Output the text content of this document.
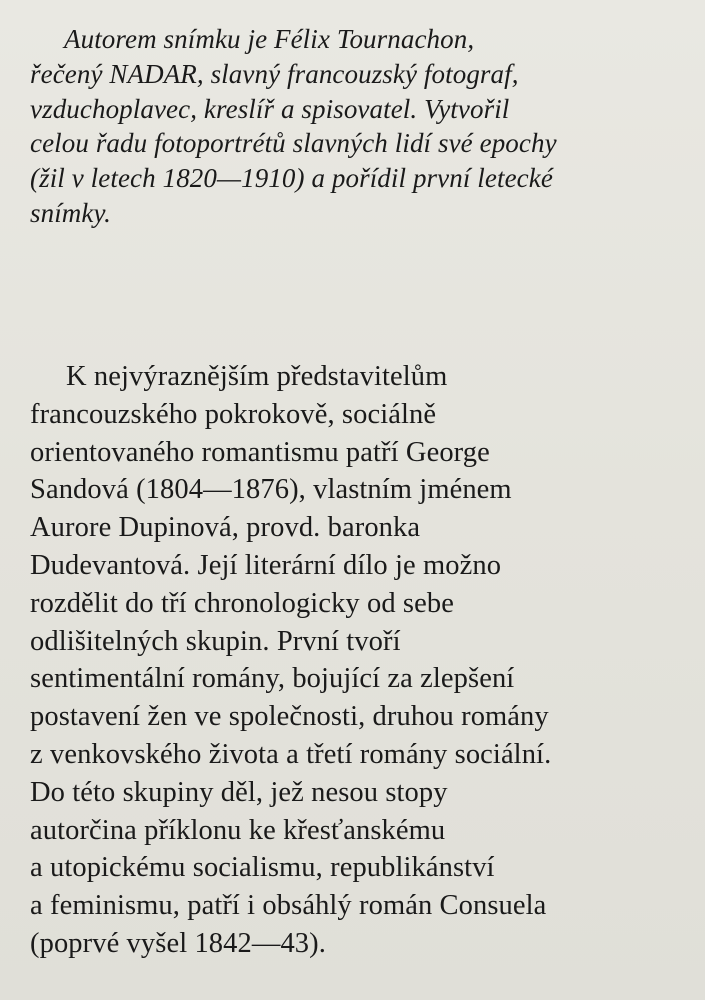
Autorem snímku je Félix Tournachon,
řečený NADAR, slavný francouzský fotograf,
vzduchoplavec, kreslíř a spisovatel. Vytvořil
celou řadu fotoportrétů slavných lidí své epochy
(žil v letech 1820—1910) a pořídil první letecké
snímky.
K nejvýraznějším představitelům
francouzského pokrokově, sociálně
orientovaného romantismu patří George
Sandová (1804—1876), vlastním jménem
Aurore Dupinová, provd. baronka
Dudevantová. Její literární dílo je možno
rozdělit do tří chronologicky od sebe
odlišitelných skupin. První tvoří
sentimentální romány, bojující za zlepšení
postavení žen ve společnosti, druhou romány
z venkovského života a třetí romány sociální.
Do této skupiny děl, jež nesou stopy
autorčina příklonu ke křesťanskému
a utopickému socialismu, republikánství
a feminismu, patří i obsáhlý román Consuela
(poprvé vyšel 1842—43).
